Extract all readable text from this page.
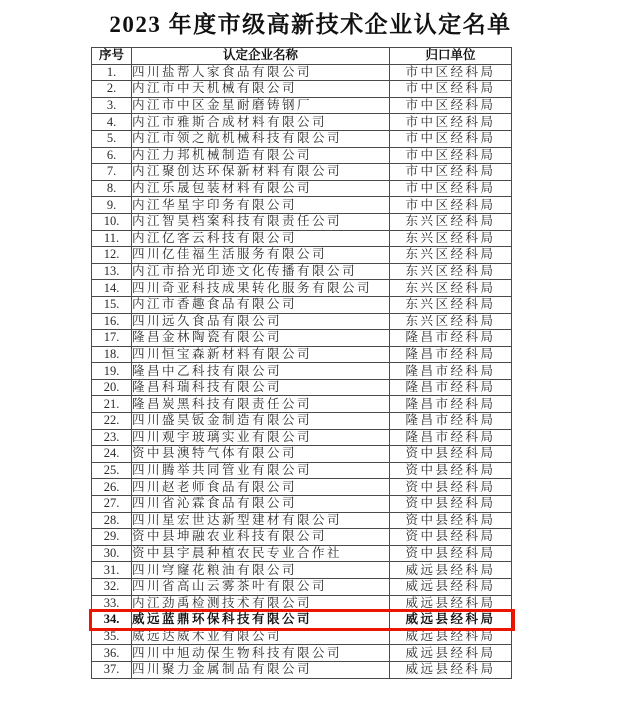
2023 年度市级高新技术企业认定名单
序号	认定企业名称	归口单位
1.	四川盐帮人家食品有限公司	市中区经科局
2.	内江市中天机械有限公司	市中区经科局
3.	内江市中区金星耐磨铸钢厂	市中区经科局
4.	内江市雅斯合成材料有限公司	市中区经科局
5.	内江市领之航机械科技有限公司	市中区经科局
6.	内江力邦机械制造有限公司	市中区经科局
7.	内江聚创达环保新材料有限公司	市中区经科局
8.	内江乐晟包装材料有限公司	市中区经科局
9.	内江华星宇印务有限公司	市中区经科局
10.	内江智昊档案科技有限责任公司	东兴区经科局
11.	内江亿客云科技有限公司	东兴区经科局
12.	四川亿佳福生活服务有限公司	东兴区经科局
13.	内江市拾光印迹文化传播有限公司	东兴区经科局
14.	四川奇亚科技成果转化服务有限公司	东兴区经科局
15.	内江市香趣食品有限公司	东兴区经科局
16.	四川远久食品有限公司	东兴区经科局
17.	隆昌金林陶瓷有限公司	隆昌市经科局
18.	四川恒宝森新材料有限公司	隆昌市经科局
19.	隆昌中乙科技有限公司	隆昌市经科局
20.	隆昌科瑞科技有限公司	隆昌市经科局
21.	隆昌炭黑科技有限责任公司	隆昌市经科局
22.	四川盛昊钣金制造有限公司	隆昌市经科局
23.	四川观宇玻璃实业有限公司	隆昌市经科局
24.	资中县澳特气体有限公司	资中县经科局
25.	四川腾举共同管业有限公司	资中县经科局
26.	四川赵老师食品有限公司	资中县经科局
27.	四川省沁霖食品有限公司	资中县经科局
28.	四川星宏世达新型建材有限公司	资中县经科局
29.	资中县坤融农业科技有限公司	资中县经科局
30.	资中县宇晨种植农民专业合作社	资中县经科局
31.	四川穹窿花粮油有限公司	威远县经科局
32.	四川省高山云雾茶叶有限公司	威远县经科局
33.	内江劲禹检测技术有限公司	威远县经科局
34.	威远蓝鼎环保科技有限公司	威远县经科局
35.	威远达威木业有限公司	威远县经科局
36.	四川中旭动保生物科技有限公司	威远县经科局
37.	四川聚力金属制品有限公司	威远县经科局
